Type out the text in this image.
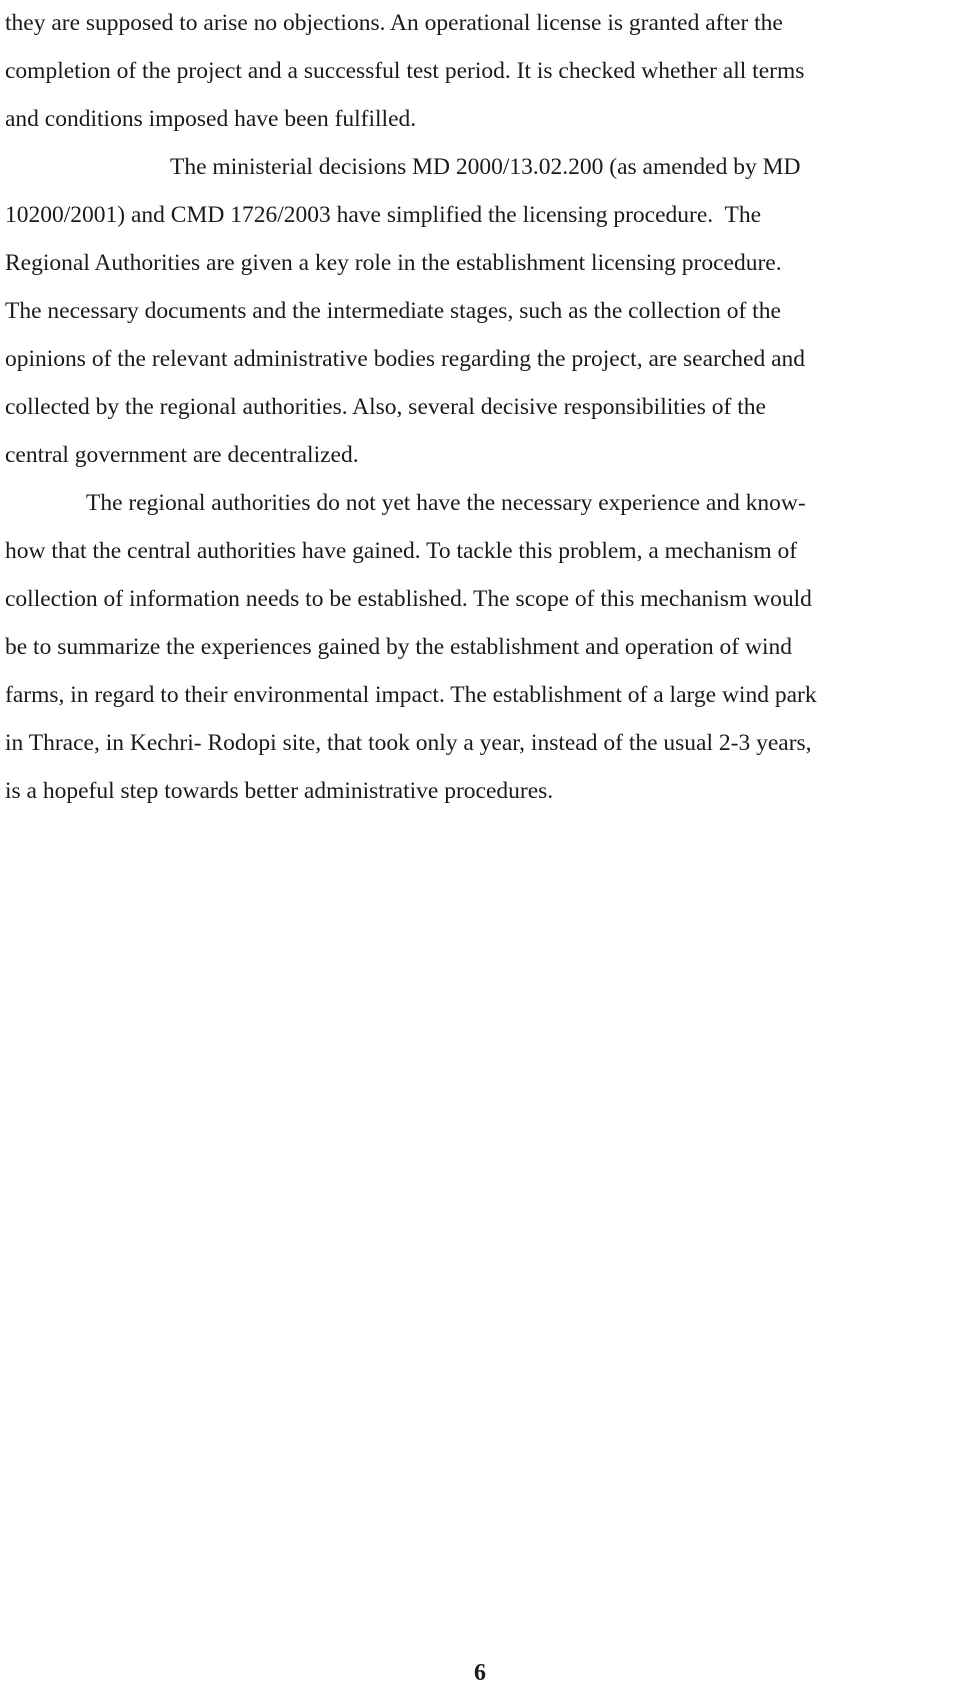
they are supposed to arise no objections. An operational license is granted after the
completion of the project and a successful test period. It is checked whether all terms
and conditions imposed have been fulfilled.
The ministerial decisions MD 2000/13.02.200 (as amended by MD
10200/2001) and CMD 1726/2003 have simplified the licensing procedure.  The
Regional Authorities are given a key role in the establishment licensing procedure.
The necessary documents and the intermediate stages, such as the collection of the
opinions of the relevant administrative bodies regarding the project, are searched and
collected by the regional authorities. Also, several decisive responsibilities of the
central government are decentralized.
The regional authorities do not yet have the necessary experience and know-
how that the central authorities have gained. To tackle this problem, a mechanism of
collection of information needs to be established. The scope of this mechanism would
be to summarize the experiences gained by the establishment and operation of wind
farms, in regard to their environmental impact. The establishment of a large wind park
in Thrace, in Kechri- Rodopi site, that took only a year, instead of the usual 2-3 years,
is a hopeful step towards better administrative procedures.
6
